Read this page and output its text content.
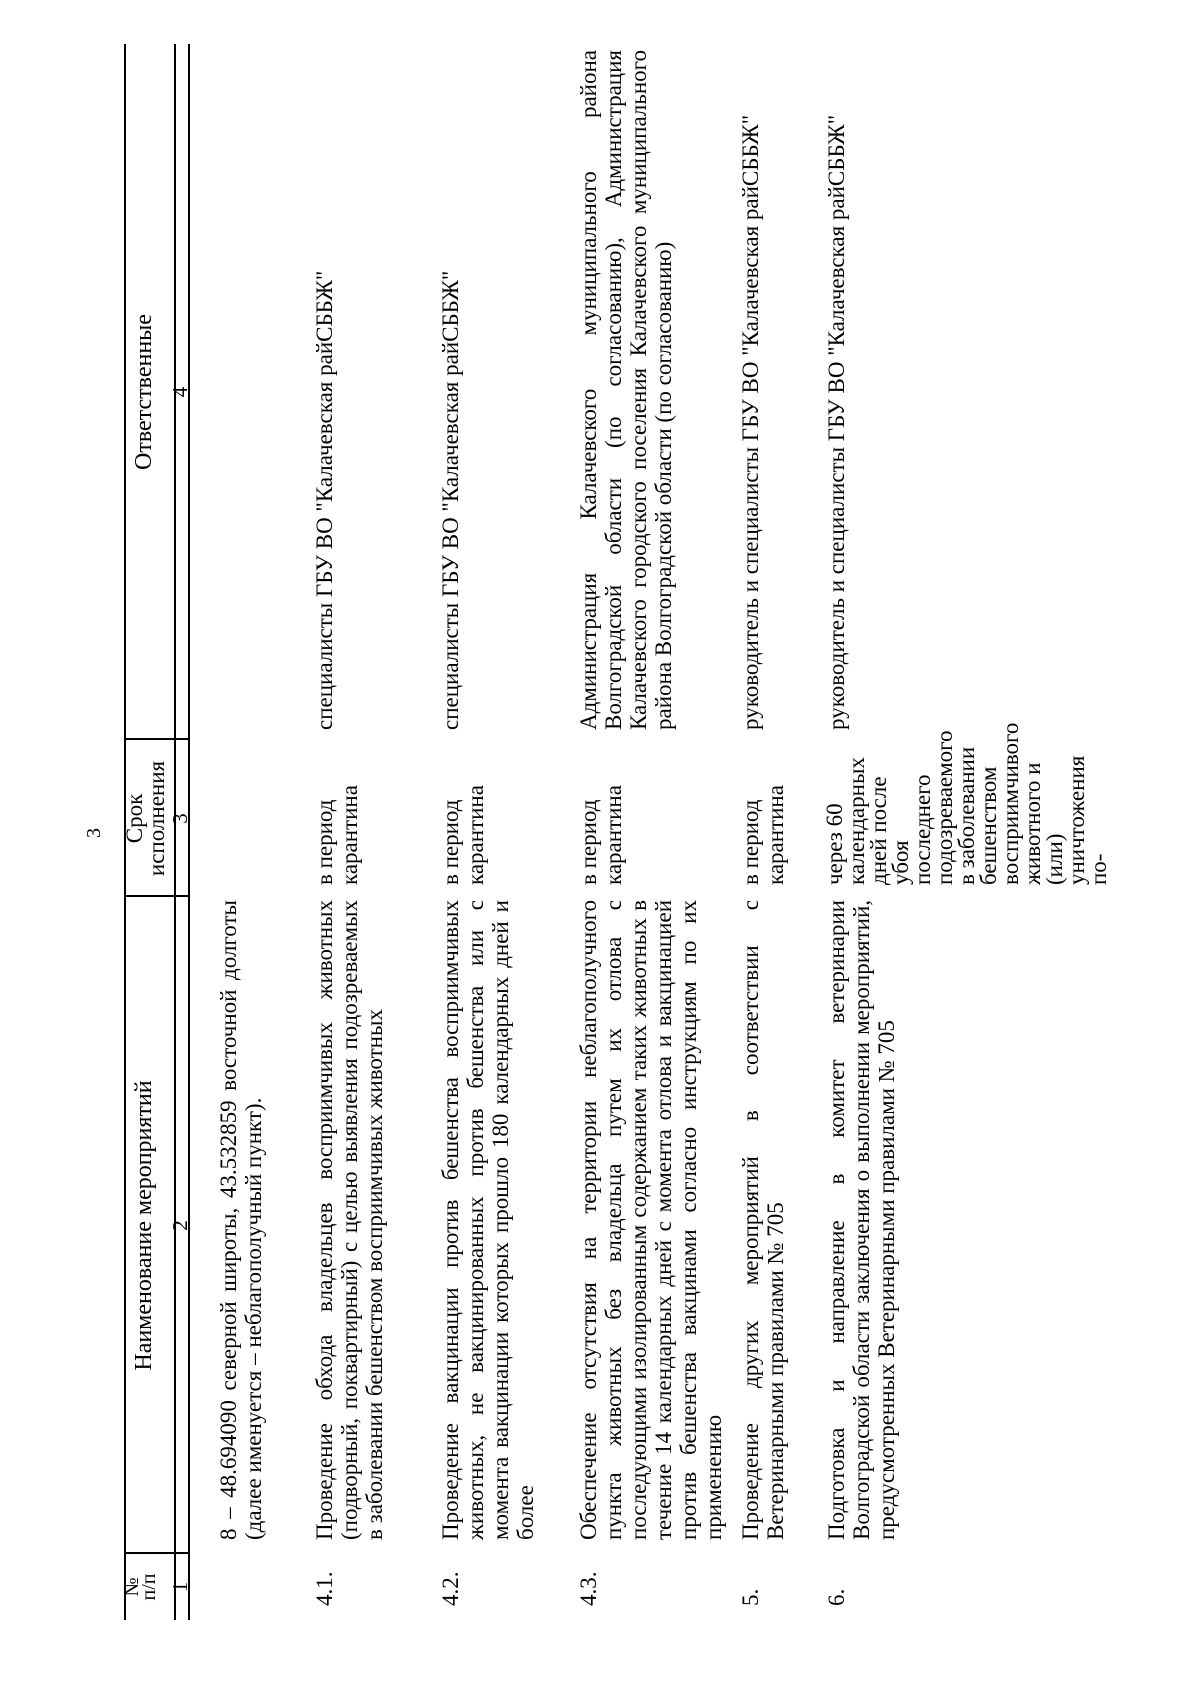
3
№
п/п
Наименование мероприятий
Срок
исполнения
Ответственные
1
2
3
4
8 – 48.694090 северной широты, 43.532859 восточной долготы (далее именуется – неблагополучный пункт).
4.1.
Проведение обхода владельцев восприимчивых животных (подворный, поквартирный) с целью выявления подозреваемых в заболевании бешенством восприимчивых животных
в период карантина
специалисты ГБУ ВО "Калачевская райСББЖ"
4.2.
Проведение вакцинации против бешенства восприимчивых животных, не вакцинированных против бешенства или с момента вакцинации которых прошло 180 календарных дней и более
в период карантина
специалисты ГБУ ВО "Калачевская райСББЖ"
4.3.
Обеспечение отсутствия на территории неблагополучного пункта животных без владельца путем их отлова с последующими изолированным содержанием таких животных в течение 14 календарных дней с момента отлова и вакцинацией против бешенства вакцинами согласно инструкциям по их применению
в период карантина
Администрация Калачевского муниципального района Волгоградской области (по согласованию), Администрация Калачевского городского поселения Калачевского муниципального района Волгоградской области (по согласованию)
5.
Проведение других мероприятий в соответствии с Ветеринарными правилами № 705
в период карантина
руководитель и специалисты ГБУ ВО "Калачевская райСББЖ"
6.
Подготовка и направление в комитет ветеринарии Волгоградской области заключения о выполнении мероприятий, предусмотренных Ветеринарными правилами № 705
через 60 календарных дней после убоя последнего подозреваемого в заболевании бешенством восприимчивого животного и (или) уничтожения по-
руководитель и специалисты ГБУ ВО "Калачевская райСББЖ"
